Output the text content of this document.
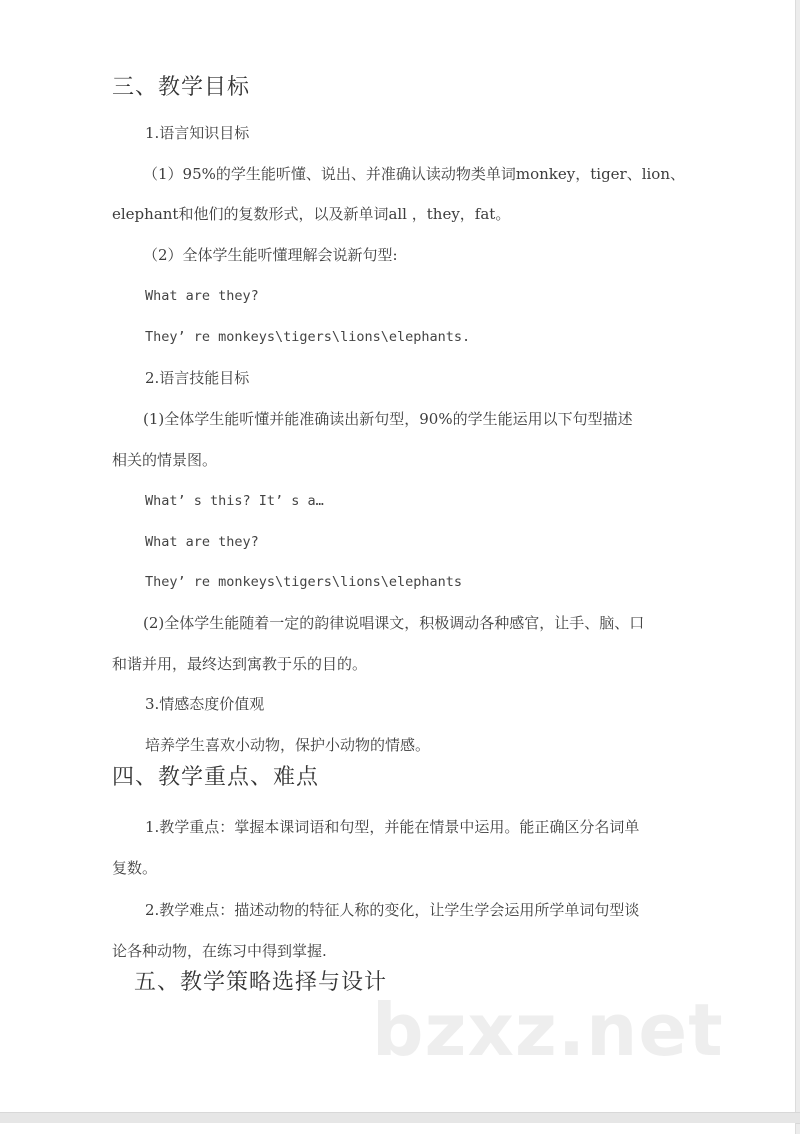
三、教学目标
1.语言知识目标
（1）95%的学生能听懂、说出、并准确认读动物类单词monkey，tiger、lion、
elephant和他们的复数形式，以及新单词all ，they，fat。
（2）全体学生能听懂理解会说新句型:
What are they?
They’ re monkeys\tigers\lions\elephants.
2.语言技能目标
(1)全体学生能听懂并能准确读出新句型，90%的学生能运用以下句型描述
相关的情景图。
What’ s this? It’ s a…
What are they?
They’ re monkeys\tigers\lions\elephants
(2)全体学生能随着一定的韵律说唱课文，积极调动各种感官，让手、脑、口
和谐并用，最终达到寓教于乐的目的。
3.情感态度价值观
培养学生喜欢小动物，保护小动物的情感。
四、教学重点、难点
1.教学重点：掌握本课词语和句型，并能在情景中运用。能正确区分名词单
复数。
2.教学难点：描述动物的特征人称的变化，让学生学会运用所学单词句型谈
论各种动物，在练习中得到掌握.
五、教学策略选择与设计
bzxz.net
